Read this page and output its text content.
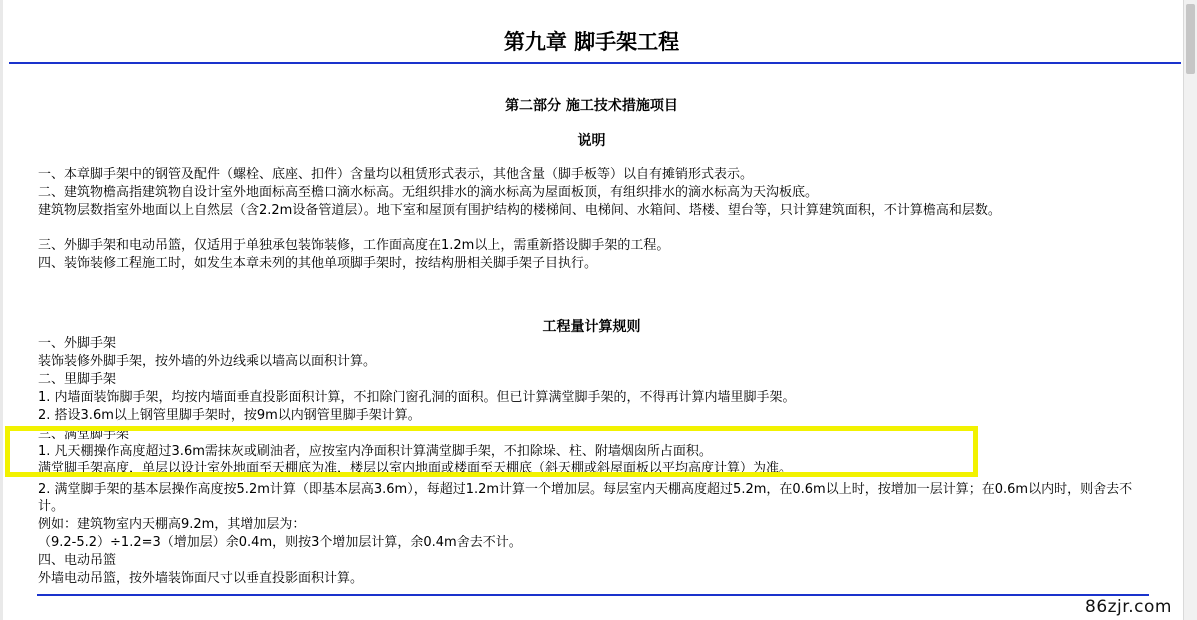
第九章 脚手架工程
第二部分 施工技术措施项目
说明
一、本章脚手架中的钢管及配件（螺栓、底座、扣件）含量均以租赁形式表示，其他含量（脚手板等）以自有摊销形式表示。
二、建筑物檐高指建筑物自设计室外地面标高至檐口滴水标高。无组织排水的滴水标高为屋面板顶，有组织排水的滴水标高为天沟板底。
建筑物层数指室外地面以上自然层（含2.2m设备管道层）。地下室和屋顶有围护结构的楼梯间、电梯间、水箱间、塔楼、望台等，只计算建筑面积，不计算檐高和层数。
三、外脚手架和电动吊篮，仅适用于单独承包装饰装修，工作面高度在1.2m以上，需重新搭设脚手架的工程。
四、装饰装修工程施工时，如发生本章未列的其他单项脚手架时，按结构册相关脚手架子目执行。
工程量计算规则
一、外脚手架
装饰装修外脚手架，按外墙的外边线乘以墙高以面积计算。
二、里脚手架
1. 内墙面装饰脚手架，均按内墙面垂直投影面积计算，不扣除门窗孔洞的面积。但已计算满堂脚手架的，不得再计算内墙里脚手架。
2. 搭设3.6m以上钢管里脚手架时，按9m以内钢管里脚手架计算。
三、满堂脚手架
1. 凡天棚操作高度超过3.6m需抹灰或刷油者，应按室内净面积计算满堂脚手架，不扣除垛、柱、附墙烟囱所占面积。
满堂脚手架高度，单层以设计室外地面至天棚底为准，楼层以室内地面或楼面至天棚底（斜天棚或斜屋面板以平均高度计算）为准。
2. 满堂脚手架的基本层操作高度按5.2m计算（即基本层高3.6m），每超过1.2m计算一个增加层。每层室内天棚高度超过5.2m，在0.6m以上时，按增加一层计算；在0.6m以内时，则舍去不计。
例如：建筑物室内天棚高9.2m，其增加层为：
（9.2-5.2）÷1.2=3（增加层）余0.4m，则按3个增加层计算，余0.4m舍去不计。
四、电动吊篮
外墙电动吊篮，按外墙装饰面尺寸以垂直投影面积计算。
86zjr.com
